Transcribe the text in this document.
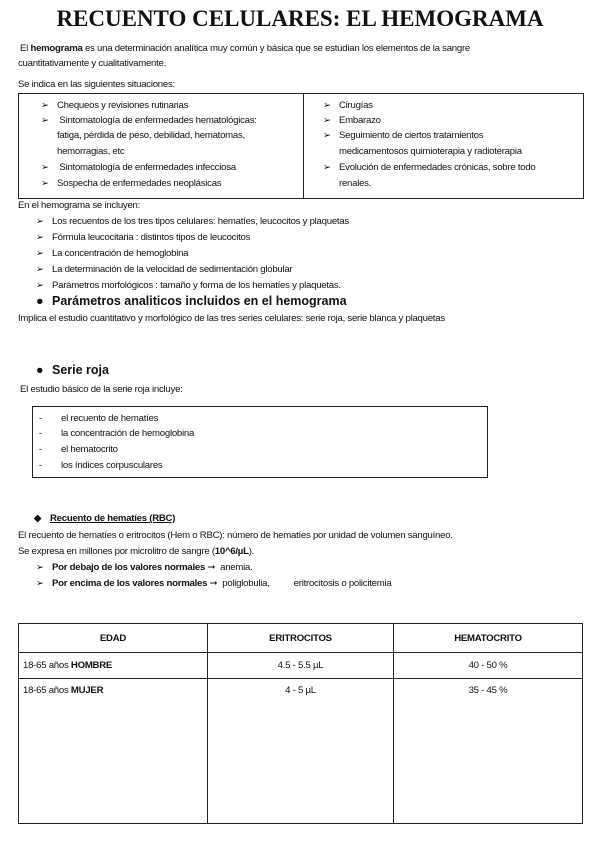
RECUENTO CELULARES: EL HEMOGRAMA
El hemograma es una determinación analítica muy común y básica que se estudian los elementos de la sangre
cuantitativamente y cualitativamente.
Se indica en las siguientes situaciones:
➢ Chequeos y revisiones rutinarias
➢ Sintomatología de enfermedades hematológicas:
fatiga, pérdida de peso, debilidad, hematomas,
hemorragias, etc
➢ Sintomatología de enfermedades infecciosa
➢ Sospecha de enfermedades neoplásicas
➢ Cirugías
➢ Embarazo
➢ Seguimiento de ciertos tratamientos
medicamentosos quimioterapia y radioterapia
➢ Evolución de enfermedades crónicas, sobre todo
renales.
En el hemograma se incluyen:
➢ Los recuentos de los tres tipos celulares: hematíes, leucocitos y plaquetas
➢ Fórmula leucocitaria : distintos tipos de leucocitos
➢ La concentración de hemoglobina
➢ La determinación de la velocidad de sedimentación globular
➢ Parámetros morfológicos : tamaño y forma de los hematíes y plaquetas.
● Parámetros analiticos incluidos en el hemograma
Implica el estudio cuantitativo y morfológico de las tres series celulares: serie roja, serie blanca y plaquetas
● Serie roja
El estudio básico de la serie roja incluye:
- el recuento de hematíes
- la concentración de hemoglobina
- el hematocrito
- los índices corpusculares
◆ Recuento de hematíes (RBC)
El recuento de hematíes o eritrocitos (Hem o RBC): número de hematíes por unidad de volumen sanguíneo.
Se expresa en millones por microlitro de sangre (10^6/µL).
➢ Por debajo de los valores normales ➞  anemia.
➢ Por encima de los valores normales ➞  poliglobulia,	eritrocitosis o policitemia
EDAD	ERITROCITOS	HEMATOCRITO
18-65 años HOMBRE	4.5 - 5.5 µL	40 - 50 %
18-65 años MUJER	4 - 5 µL	35 - 45 %
